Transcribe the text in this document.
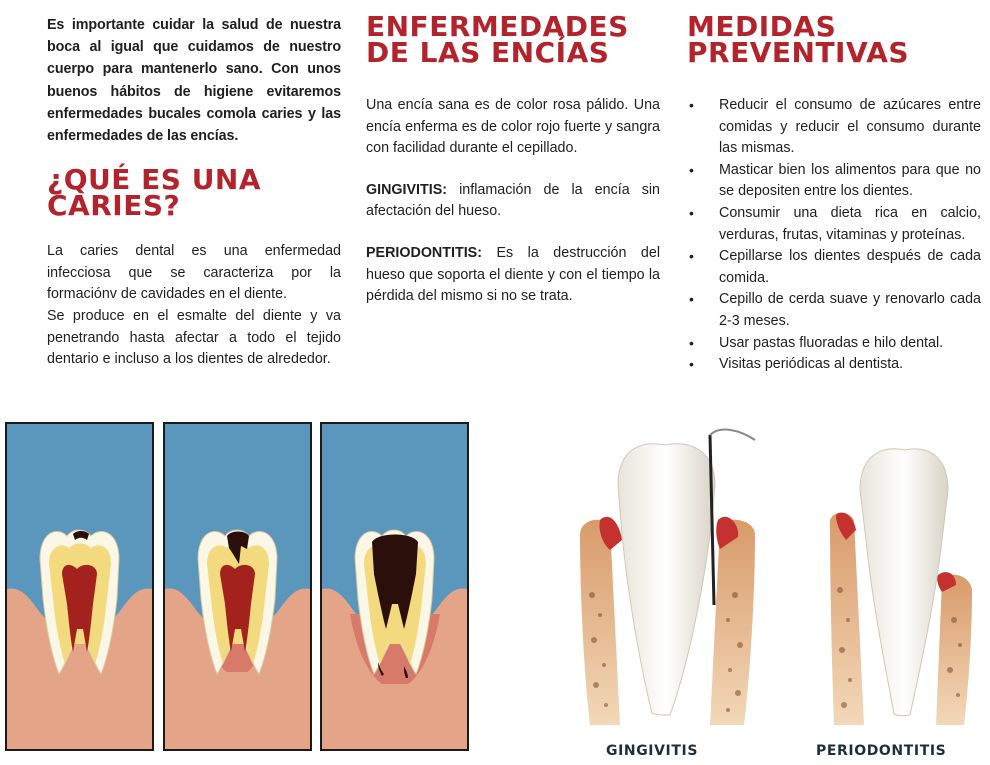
Es importante cuidar la salud de nuestra boca al igual que cuidamos de nuestro cuerpo para mantenerlo sano. Con unos buenos hábitos de higiene evitaremos enfermedades bucales comola caries y las enfermedades de las encías.
¿QUÉ ES UNA
CARIES?
La caries dental es una enfermedad infecciosa que se caracteriza por la formaciónv de cavidades en el diente.
Se produce en el esmalte del diente y va penetrando hasta afectar a todo el tejido dentario e incluso a los dientes de alrededor.
ENFERMEDADES
DE LAS ENCÍAS
Una encía sana es de color rosa pálido. Una encía enferma es de color rojo fuerte y sangra con facilidad durante el cepillado.
GINGIVITIS: inflamación de la encía sin afectación del hueso.
PERIODONTITIS: Es la destrucción del hueso que soporta el diente y con el tiempo la pérdida del mismo si no se trata.
MEDIDAS
PREVENTIVAS
• Reducir el consumo de azúcares entre comidas y reducir el consumo durante las mismas.
• Masticar bien los alimentos para que no se depositen entre los dientes.
• Consumir una dieta rica en calcio, verduras, frutas, vitaminas y proteínas.
• Cepillarse los dientes después de cada comida.
• Cepillo de cerda suave y renovarlo cada 2-3 meses.
• Usar pastas fluoradas e hilo dental.
• Visitas periódicas al dentista.
GINGIVITIS	PERIODONTITIS
